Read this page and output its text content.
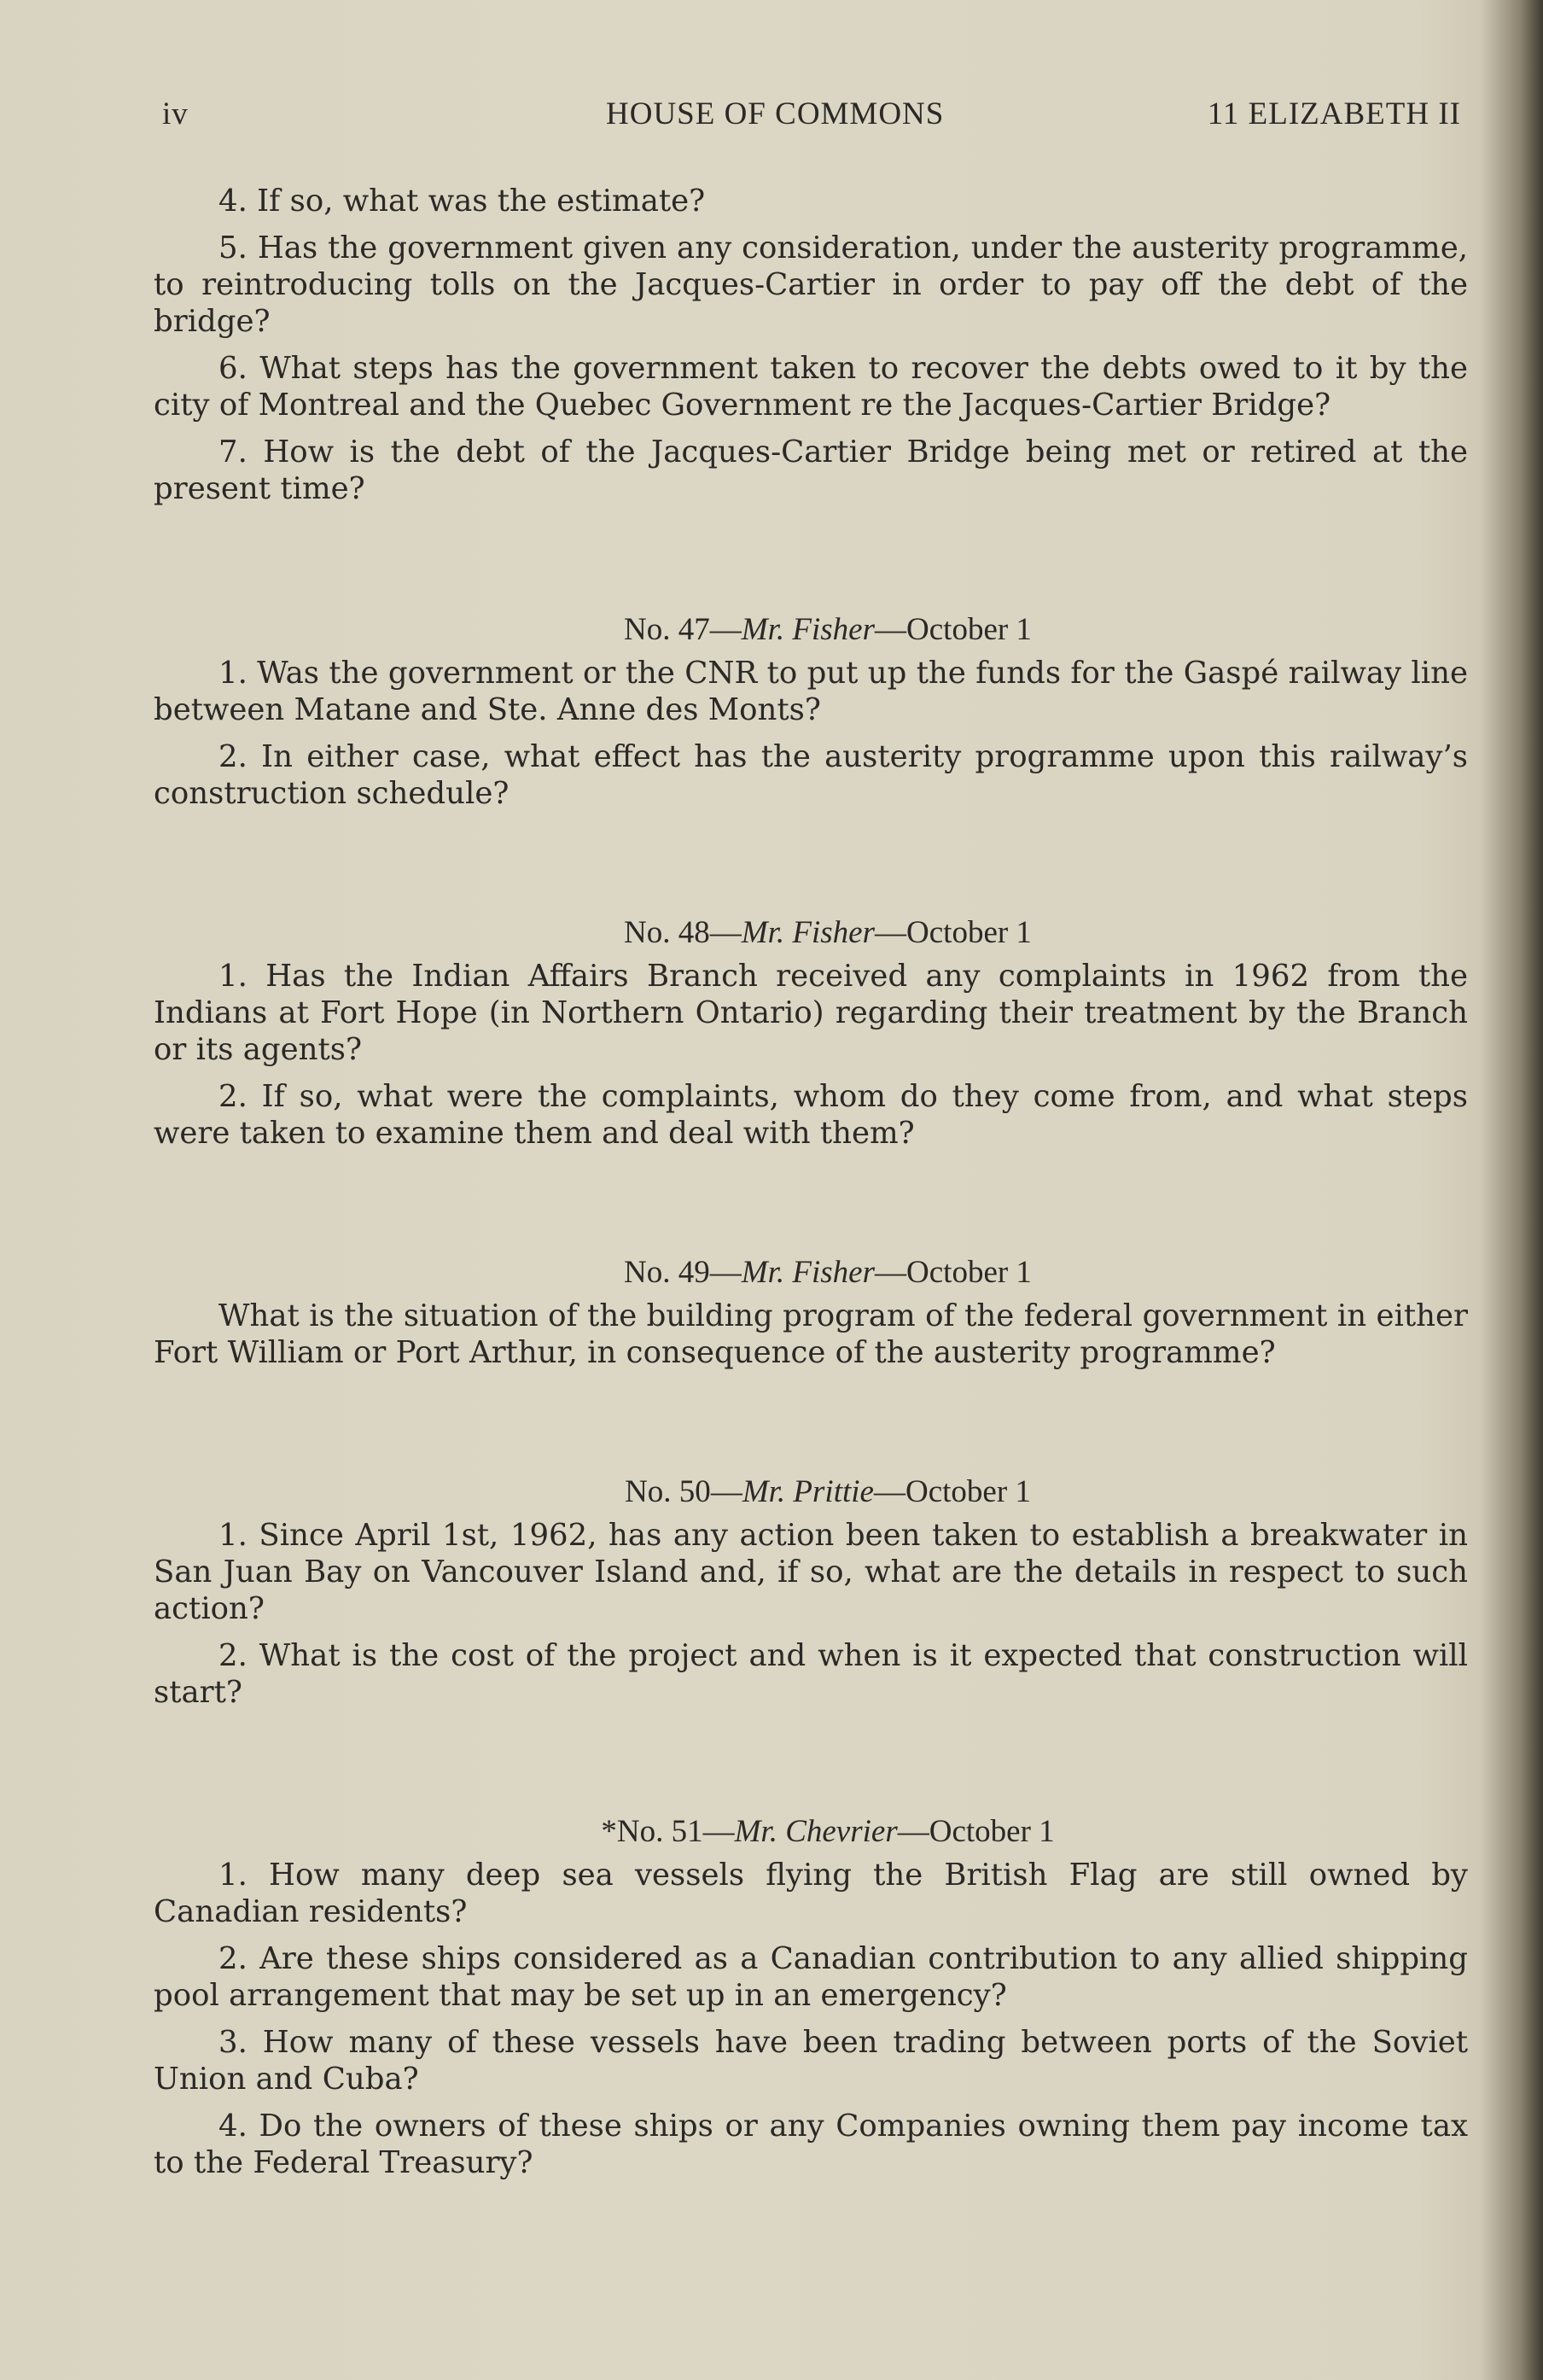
iv	HOUSE OF COMMONS	11 ELIZABETH II

4. If so, what was the estimate?

5. Has the government given any consideration, under the austerity programme, to reintroducing tolls on the Jacques-Cartier in order to pay off the debt of the bridge?

6. What steps has the government taken to recover the debts owed to it by the city of Montreal and the Quebec Government re the Jacques-Cartier Bridge?

7. How is the debt of the Jacques-Cartier Bridge being met or retired at the present time?

No. 47—Mr. Fisher—October 1

1. Was the government or the CNR to put up the funds for the Gaspé railway line between Matane and Ste. Anne des Monts?

2. In either case, what effect has the austerity programme upon this railway’s construction schedule?

No. 48—Mr. Fisher—October 1

1. Has the Indian Affairs Branch received any complaints in 1962 from the Indians at Fort Hope (in Northern Ontario) regarding their treatment by the Branch or its agents?

2. If so, what were the complaints, whom do they come from, and what steps were taken to examine them and deal with them?

No. 49—Mr. Fisher—October 1

What is the situation of the building program of the federal government in either Fort William or Port Arthur, in consequence of the austerity programme?

No. 50—Mr. Prittie—October 1

1. Since April 1st, 1962, has any action been taken to establish a breakwater in San Juan Bay on Vancouver Island and, if so, what are the details in respect to such action?

2. What is the cost of the project and when is it expected that construction will start?

*No. 51—Mr. Chevrier—October 1

1. How many deep sea vessels flying the British Flag are still owned by Canadian residents?

2. Are these ships considered as a Canadian contribution to any allied shipping pool arrangement that may be set up in an emergency?

3. How many of these vessels have been trading between ports of the Soviet Union and Cuba?

4. Do the owners of these ships or any Companies owning them pay income tax to the Federal Treasury?
